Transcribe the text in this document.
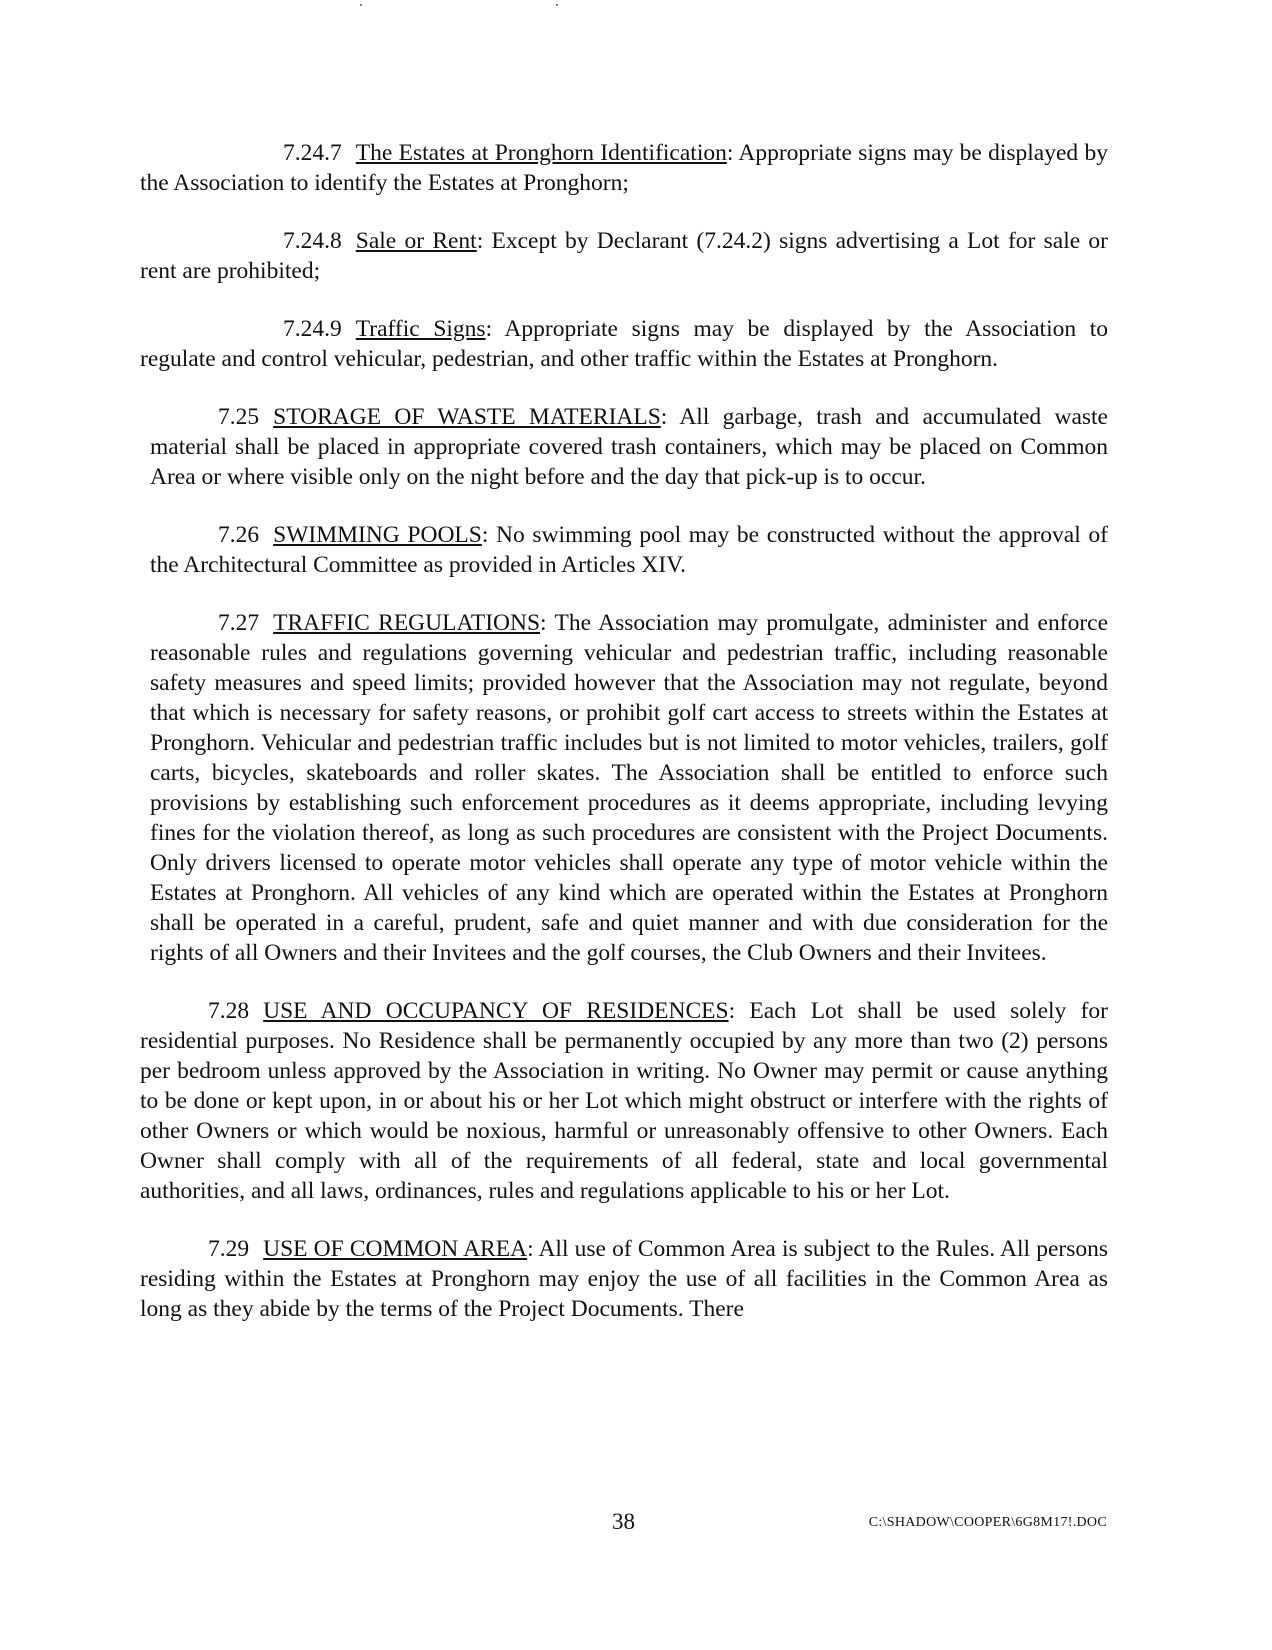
7.24.7 The Estates at Pronghorn Identification: Appropriate signs may be displayed by the Association to identify the Estates at Pronghorn;

7.24.8 Sale or Rent: Except by Declarant (7.24.2) signs advertising a Lot for sale or rent are prohibited;

7.24.9 Traffic Signs: Appropriate signs may be displayed by the Association to regulate and control vehicular, pedestrian, and other traffic within the Estates at Pronghorn.

7.25 STORAGE OF WASTE MATERIALS: All garbage, trash and accumulated waste material shall be placed in appropriate covered trash containers, which may be placed on Common Area or where visible only on the night before and the day that pick-up is to occur.

7.26 SWIMMING POOLS: No swimming pool may be constructed without the approval of the Architectural Committee as provided in Articles XIV.

7.27 TRAFFIC REGULATIONS: The Association may promulgate, administer and enforce reasonable rules and regulations governing vehicular and pedestrian traffic, including reasonable safety measures and speed limits; provided however that the Association may not regulate, beyond that which is necessary for safety reasons, or prohibit golf cart access to streets within the Estates at Pronghorn. Vehicular and pedestrian traffic includes but is not limited to motor vehicles, trailers, golf carts, bicycles, skateboards and roller skates. The Association shall be entitled to enforce such provisions by establishing such enforcement procedures as it deems appropriate, including levying fines for the violation thereof, as long as such procedures are consistent with the Project Documents. Only drivers licensed to operate motor vehicles shall operate any type of motor vehicle within the Estates at Pronghorn. All vehicles of any kind which are operated within the Estates at Pronghorn shall be operated in a careful, prudent, safe and quiet manner and with due consideration for the rights of all Owners and their Invitees and the golf courses, the Club Owners and their Invitees.

7.28 USE AND OCCUPANCY OF RESIDENCES: Each Lot shall be used solely for residential purposes. No Residence shall be permanently occupied by any more than two (2) persons per bedroom unless approved by the Association in writing. No Owner may permit or cause anything to be done or kept upon, in or about his or her Lot which might obstruct or interfere with the rights of other Owners or which would be noxious, harmful or unreasonably offensive to other Owners. Each Owner shall comply with all of the requirements of all federal, state and local governmental authorities, and all laws, ordinances, rules and regulations applicable to his or her Lot.

7.29 USE OF COMMON AREA: All use of Common Area is subject to the Rules. All persons residing within the Estates at Pronghorn may enjoy the use of all facilities in the Common Area as long as they abide by the terms of the Project Documents. There

38	C:\SHADOW\COOPER\6G8M17!.DOC
